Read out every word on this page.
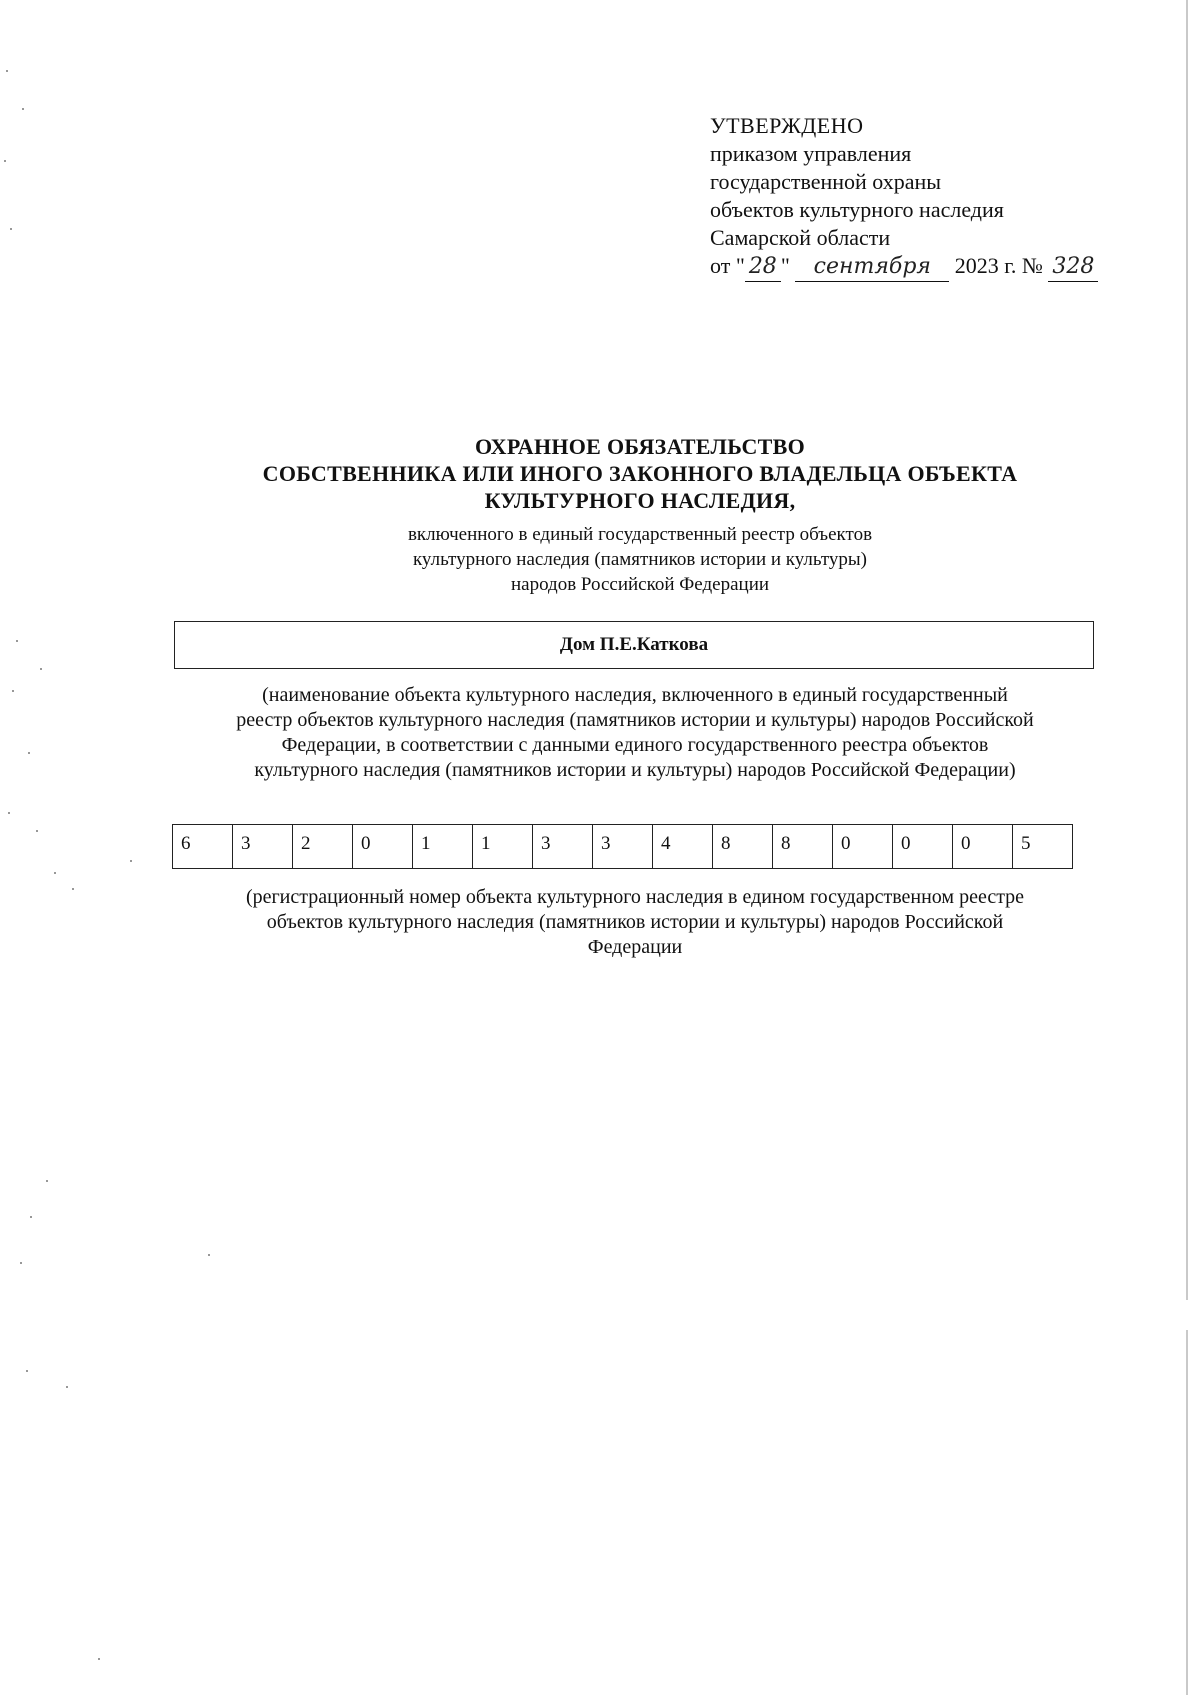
УТВЕРЖДЕНО
приказом управления
государственной охраны
объектов культурного наследия
Самарской области
от " 28 " сентября 2023 г. № 328
ОХРАННОЕ ОБЯЗАТЕЛЬСТВО
СОБСТВЕННИКА ИЛИ ИНОГО ЗАКОННОГО ВЛАДЕЛЬЦА ОБЪЕКТА
КУЛЬТУРНОГО НАСЛЕДИЯ,
включенного в единый государственный реестр объектов
культурного наследия (памятников истории и культуры)
народов Российской Федерации
Дом П.Е.Каткова
(наименование объекта культурного наследия, включенного в единый государственный
реестр объектов культурного наследия (памятников истории и культуры) народов Российской
Федерации, в соответствии с данными единого государственного реестра объектов
культурного наследия (памятников истории и культуры) народов Российской Федерации)
6	3	2	0	1	1	3	3	4	8	8	0	0	0	5
(регистрационный номер объекта культурного наследия в едином государственном реестре
объектов культурного наследия (памятников истории и культуры) народов Российской
Федерации
